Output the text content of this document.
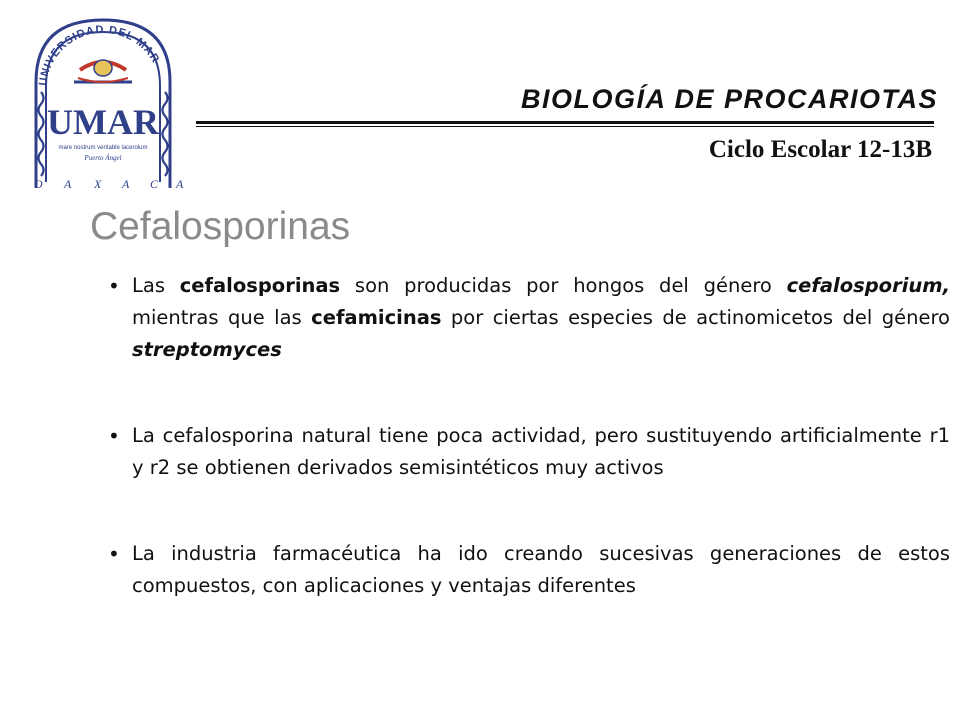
UNIVERSIDAD DEL MAR
UMAR
mare nostrum veritable lacerolum
Puerto Ángel
O A X A C A
BIOLOGÍA DE PROCARIOTAS
Ciclo Escolar 12-13B
Cefalosporinas
• Las cefalosporinas son producidas por hongos del género cefalosporium, mientras que las cefamicinas por ciertas especies de actinomicetos del género streptomyces
• La cefalosporina natural tiene poca actividad, pero sustituyendo artificialmente r1 y r2 se obtienen derivados semisintéticos muy activos
• La industria farmacéutica ha ido creando sucesivas generaciones de estos compuestos, con aplicaciones y ventajas diferentes
